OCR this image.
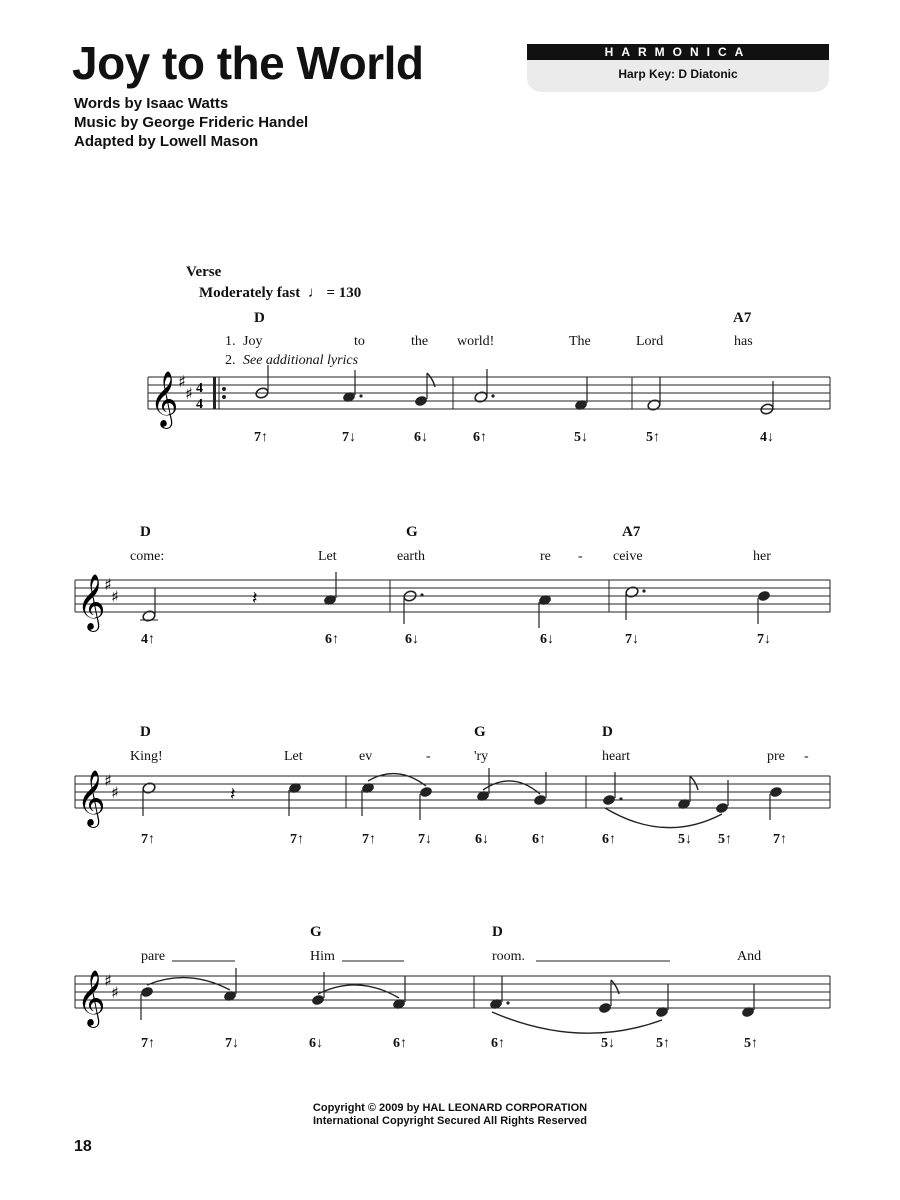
Joy to the World
Words by Isaac Watts
Music by George Frideric Handel
Adapted by Lowell Mason
HARMONICA
Harp Key: D Diatonic
Verse
Moderately fast  ♩ = 130
D	A7
1. Joy	to	the world!	The	Lord	has
2. See additional lyrics
𝄞 ♯
♯ 4
4
7↑	7↓	6↓	6↑	5↓	5↑	4↓
D	G	A7
come:	Let	earth	re - ceive	her
𝄞
♯
♯	𝄽
4↑	6↑	6↓	6↓	7↓	7↓
D	G	D
King!	Let	ev	-	'ry	heart	pre -
𝄞
♯
♯	𝄽
7↑	7↑	7↑	7↓	6↓	6↑	6↑	5↓ 5↑	7↑
G	D
pare	Him	room.	And
𝄞
♯
♯
7↑	7↓	6↓	6↑	6↑	5↓	5↑	5↑
Copyright © 2009 by HAL LEONARD CORPORATION
International Copyright Secured All Rights Reserved
18
